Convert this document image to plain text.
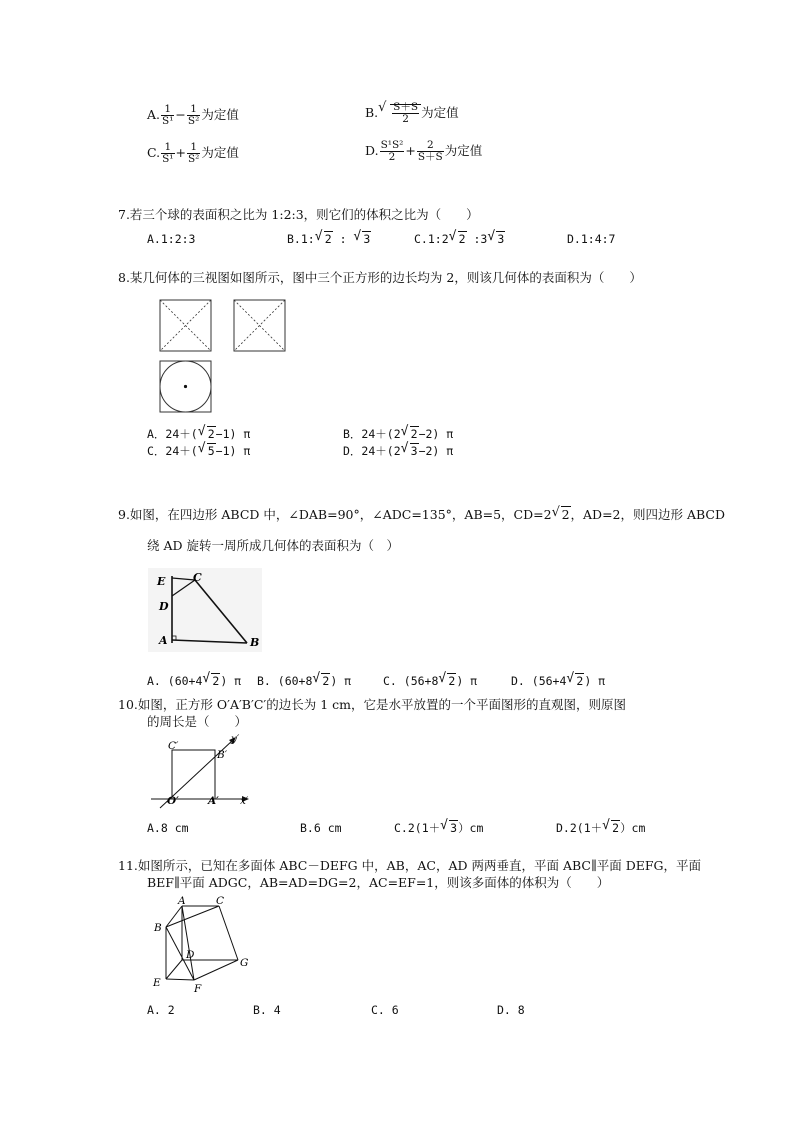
A. $\frac{1}{\text{S¹}} - \frac{1}{\text{S²}}$ 为定值	B. √ $\frac{S+S}{2}$ 为定值
C. $\frac{1}{\text{S¹}} + \frac{1}{\text{S²}}$ 为定值	D. $\frac{\text{S¹S²}}{2} + \frac{2}{S+S}$ 为定值
7.若三个球的表面积之比为 1:2:3，则它们的体积之比为（　　）
A.1:2:3	B.1: √ 2 : √ 3	C.1:2 √ 2 :3 √ 3	D.1:4:7
8.某几何体的三视图如图所示，图中三个正方形的边长均为 2，则该几何体的表面积为（　　）
A．24＋( √ 2−1) π	B．24＋(2 √ 2−2) π
C．24＋( √ 5−1) π	D．24＋(2 √ 3−2) π
9.如图，在四边形 ABCD 中，∠DAB=90°，∠ADC=135°，AB=5，CD=2 √ 2，AD=2，则四边形 ABCD
绕 AD 旋转一周所成几何体的表面积为（　）
E	C
D
A	B
A. (60+4 √ 2) π B. (60+8 √ 2) π	C. (56+8 √ 2) π	D. (56+4 √ 2) π
10.如图，正方形 O′A′B′C′的边长为 1 cm，它是水平放置的一个平面图形的直观图，则原图
的周长是（　　）
C′
y′
B′
O′	A′ x′
A.8 cm	B.6 cm	C.2(1＋ √ 3）cm	D.2(1＋ √ 2）cm
11.如图所示，已知在多面体 ABC－DEFG 中，AB，AC，AD 两两垂直，平面 ABC∥平面 DEFG，平面
BEF∥平面 ADGC，AB=AD=DG=2，AC=EF=1，则该多面体的体积为（　　）
A	C
B
D
G
E	F
A. 2	B. 4	C. 6	D. 8
